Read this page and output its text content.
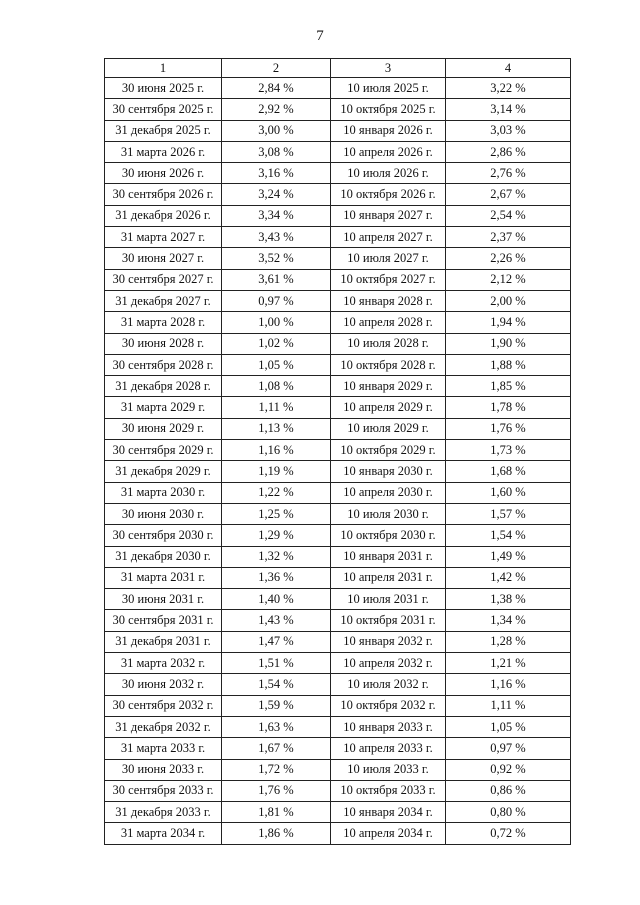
7
1	2	3	4
30 июня 2025 г.	2,84 %	10 июля 2025 г.	3,22 %
30 сентября 2025 г.	2,92 %	10 октября 2025 г.	3,14 %
31 декабря 2025 г.	3,00 %	10 января 2026 г.	3,03 %
31 марта 2026 г.	3,08 %	10 апреля 2026 г.	2,86 %
30 июня 2026 г.	3,16 %	10 июля 2026 г.	2,76 %
30 сентября 2026 г.	3,24 %	10 октября 2026 г.	2,67 %
31 декабря 2026 г.	3,34 %	10 января 2027 г.	2,54 %
31 марта 2027 г.	3,43 %	10 апреля 2027 г.	2,37 %
30 июня 2027 г.	3,52 %	10 июля 2027 г.	2,26 %
30 сентября 2027 г.	3,61 %	10 октября 2027 г.	2,12 %
31 декабря 2027 г.	0,97 %	10 января 2028 г.	2,00 %
31 марта 2028 г.	1,00 %	10 апреля 2028 г.	1,94 %
30 июня 2028 г.	1,02 %	10 июля 2028 г.	1,90 %
30 сентября 2028 г.	1,05 %	10 октября 2028 г.	1,88 %
31 декабря 2028 г.	1,08 %	10 января 2029 г.	1,85 %
31 марта 2029 г.	1,11 %	10 апреля 2029 г.	1,78 %
30 июня 2029 г.	1,13 %	10 июля 2029 г.	1,76 %
30 сентября 2029 г.	1,16 %	10 октября 2029 г.	1,73 %
31 декабря 2029 г.	1,19 %	10 января 2030 г.	1,68 %
31 марта 2030 г.	1,22 %	10 апреля 2030 г.	1,60 %
30 июня 2030 г.	1,25 %	10 июля 2030 г.	1,57 %
30 сентября 2030 г.	1,29 %	10 октября 2030 г.	1,54 %
31 декабря 2030 г.	1,32 %	10 января 2031 г.	1,49 %
31 марта 2031 г.	1,36 %	10 апреля 2031 г.	1,42 %
30 июня 2031 г.	1,40 %	10 июля 2031 г.	1,38 %
30 сентября 2031 г.	1,43 %	10 октября 2031 г.	1,34 %
31 декабря 2031 г.	1,47 %	10 января 2032 г.	1,28 %
31 марта 2032 г.	1,51 %	10 апреля 2032 г.	1,21 %
30 июня 2032 г.	1,54 %	10 июля 2032 г.	1,16 %
30 сентября 2032 г.	1,59 %	10 октября 2032 г.	1,11 %
31 декабря 2032 г.	1,63 %	10 января 2033 г.	1,05 %
31 марта 2033 г.	1,67 %	10 апреля 2033 г.	0,97 %
30 июня 2033 г.	1,72 %	10 июля 2033 г.	0,92 %
30 сентября 2033 г.	1,76 %	10 октября 2033 г.	0,86 %
31 декабря 2033 г.	1,81 %	10 января 2034 г.	0,80 %
31 марта 2034 г.	1,86 %	10 апреля 2034 г.	0,72 %
